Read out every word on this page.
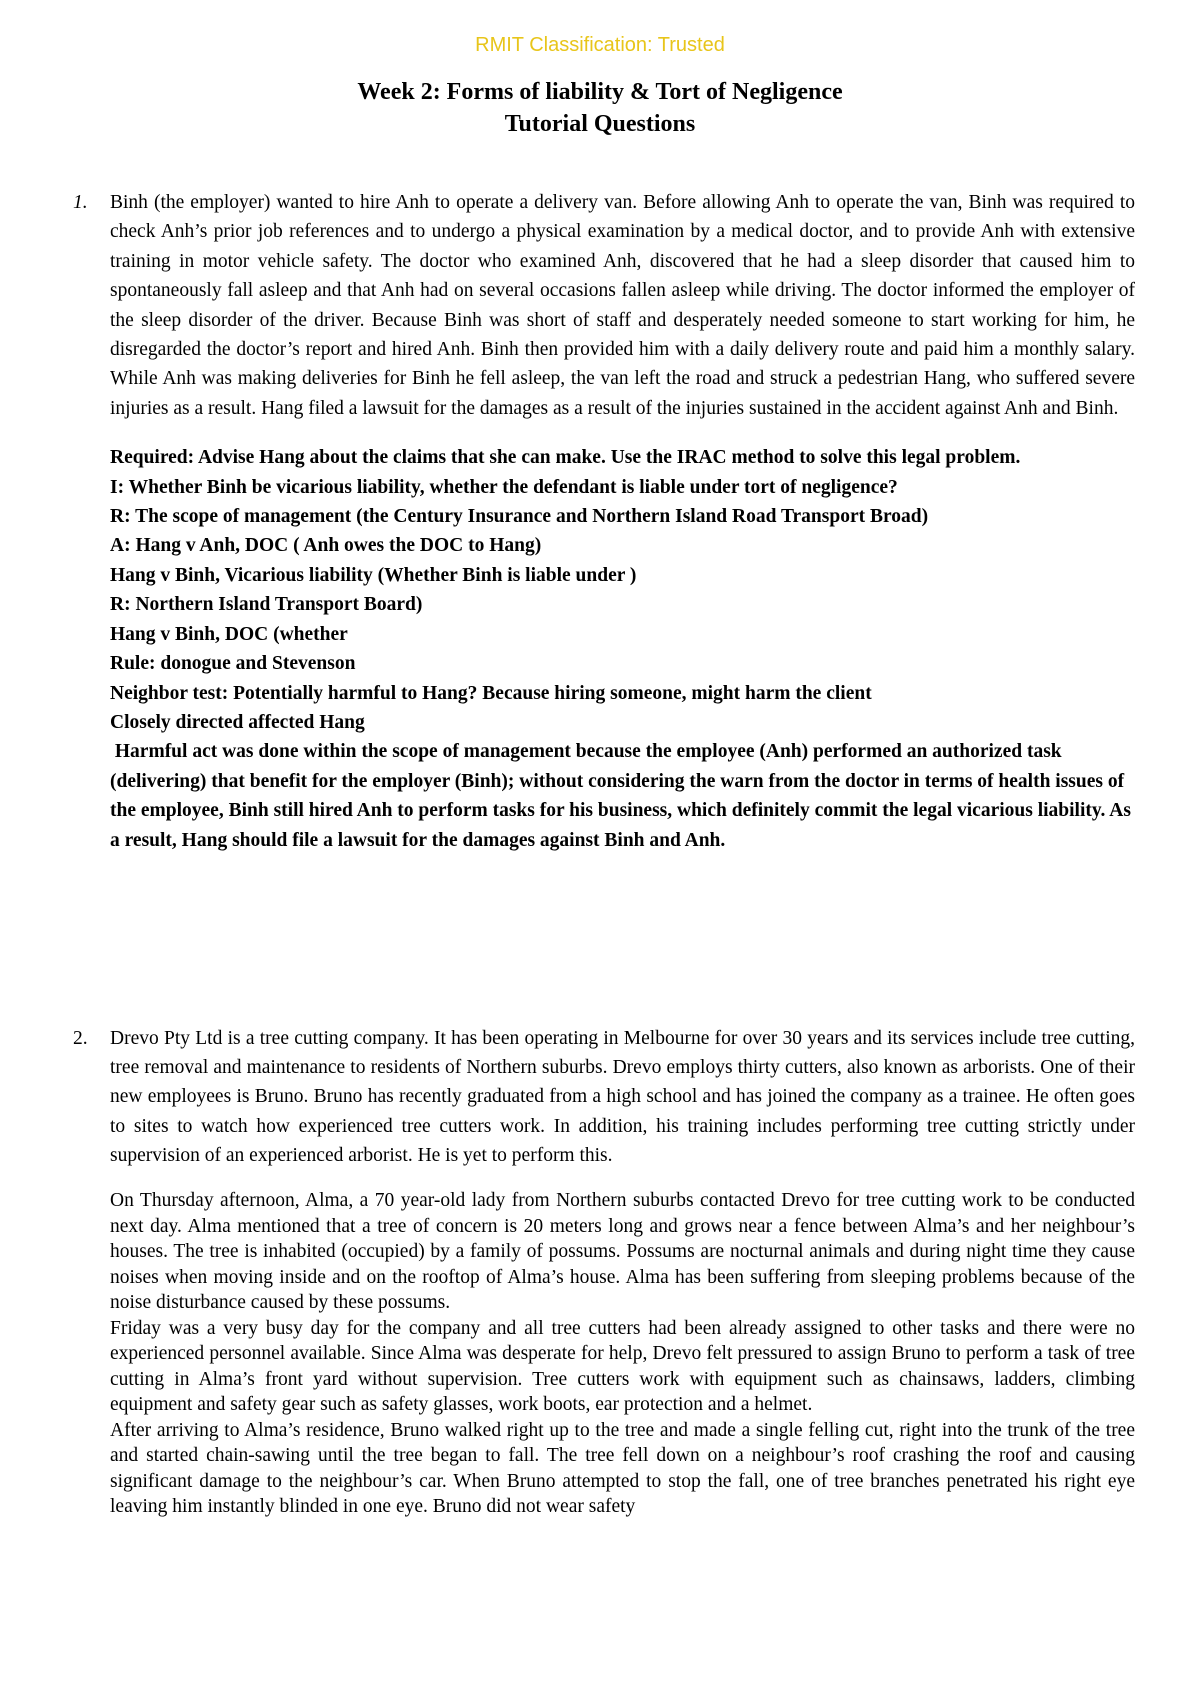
RMIT Classification: Trusted
Week 2: Forms of liability & Tort of Negligence
Tutorial Questions
1. Binh (the employer) wanted to hire Anh to operate a delivery van. Before allowing Anh to operate the van, Binh was required to check Anh’s prior job references and to undergo a physical examination by a medical doctor, and to provide Anh with extensive training in motor vehicle safety. The doctor who examined Anh, discovered that he had a sleep disorder that caused him to spontaneously fall asleep and that Anh had on several occasions fallen asleep while driving. The doctor informed the employer of the sleep disorder of the driver. Because Binh was short of staff and desperately needed someone to start working for him, he disregarded the doctor’s report and hired Anh. Binh then provided him with a daily delivery route and paid him a monthly salary. While Anh was making deliveries for Binh he fell asleep, the van left the road and struck a pedestrian Hang, who suffered severe injuries as a result. Hang filed a lawsuit for the damages as a result of the injuries sustained in the accident against Anh and Binh.

Required: Advise Hang about the claims that she can make. Use the IRAC method to solve this legal problem.
I: Whether Binh be vicarious liability, whether the defendant is liable under tort of negligence?
R: The scope of management (the Century Insurance and Northern Island Road Transport Broad)
A: Hang v Anh, DOC ( Anh owes the DOC to Hang)
Hang v Binh, Vicarious liability (Whether Binh is liable under )
R: Northern Island Transport Board)
Hang v Binh, DOC (whether
Rule: donogue and Stevenson
Neighbor test: Potentially harmful to Hang? Because hiring someone, might harm the client
Closely directed affected Hang
Harmful act was done within the scope of management because the employee (Anh) performed an authorized task (delivering) that benefit for the employer (Binh); without considering the warn from the doctor in terms of health issues of the employee, Binh still hired Anh to perform tasks for his business, which definitely commit the legal vicarious liability. As a result, Hang should file a lawsuit for the damages against Binh and Anh.
2. Drevo Pty Ltd is a tree cutting company. It has been operating in Melbourne for over 30 years and its services include tree cutting, tree removal and maintenance to residents of Northern suburbs. Drevo employs thirty cutters, also known as arborists. One of their new employees is Bruno. Bruno has recently graduated from a high school and has joined the company as a trainee. He often goes to sites to watch how experienced tree cutters work. In addition, his training includes performing tree cutting strictly under supervision of an experienced arborist. He is yet to perform this.

On Thursday afternoon, Alma, a 70 year-old lady from Northern suburbs contacted Drevo for tree cutting work to be conducted next day. Alma mentioned that a tree of concern is 20 meters long and grows near a fence between Alma’s and her neighbour’s houses. The tree is inhabited (occupied) by a family of possums. Possums are nocturnal animals and during night time they cause noises when moving inside and on the rooftop of Alma’s house. Alma has been suffering from sleeping problems because of the noise disturbance caused by these possums.

Friday was a very busy day for the company and all tree cutters had been already assigned to other tasks and there were no experienced personnel available. Since Alma was desperate for help, Drevo felt pressured to assign Bruno to perform a task of tree cutting in Alma’s front yard without supervision. Tree cutters work with equipment such as chainsaws, ladders, climbing equipment and safety gear such as safety glasses, work boots, ear protection and a helmet.

After arriving to Alma’s residence, Bruno walked right up to the tree and made a single felling cut, right into the trunk of the tree and started chain-sawing until the tree began to fall. The tree fell down on a neighbour’s roof crashing the roof and causing significant damage to the neighbour’s car. When Bruno attempted to stop the fall, one of tree branches penetrated his right eye leaving him instantly blinded in one eye. Bruno did not wear safety
